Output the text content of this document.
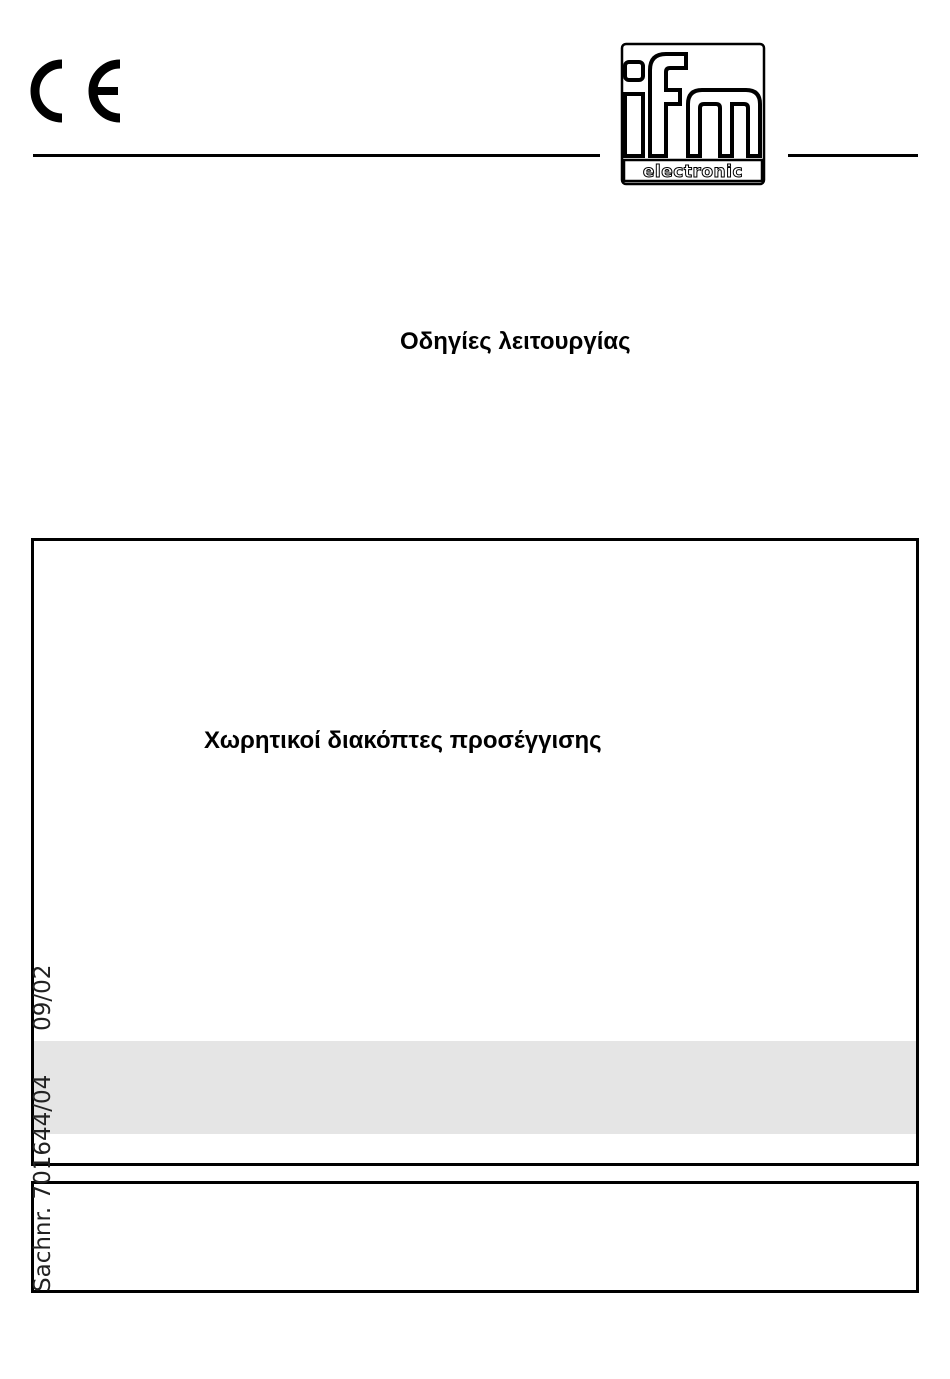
electronic
Οδηγίες λειτουργίας
Χωρητικοί διακόπτες προσέγγισης
Sachnr. 701644/04      09/02
